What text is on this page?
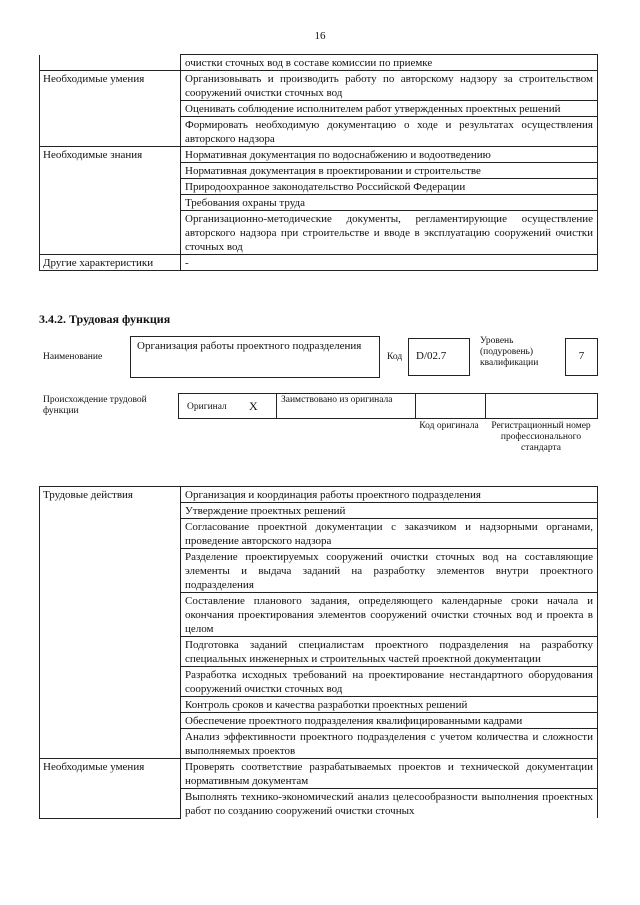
16
	очистки сточных вод в составе комиссии по приемке
Необходимые умения	Организовывать и производить работу по авторскому надзору за строительством сооружений очистки сточных вод
	Оценивать соблюдение исполнителем работ утвержденных проектных решений
	Формировать необходимую документацию о ходе и результатах осуществления авторского надзора
Необходимые знания	Нормативная документация по водоснабжению и водоотведению
	Нормативная документация в проектировании и строительстве
	Природоохранное законодательство Российской Федерации
	Требования охраны труда
	Организационно-методические документы, регламентирующие осуществление авторского надзора при строительстве и вводе в эксплуатацию сооружений очистки сточных вод
Другие характеристики	-
3.4.2. Трудовая функция
Наименование
Организация работы проектного подразделения
Код	D/02.7
Уровень (подуровень) квалификации
7
Происхождение трудовой функции	Оригинал X Заимствовано из оригинала
Код оригинала	Регистрационный номер профессионального стандарта
Трудовые действия	Организация и координация работы проектного подразделения
	Утверждение проектных решений
	Согласование проектной документации с заказчиком и надзорными органами, проведение авторского надзора
	Разделение проектируемых сооружений очистки сточных вод на составляющие элементы и выдача заданий на разработку элементов внутри проектного подразделения
	Составление планового задания, определяющего календарные сроки начала и окончания проектирования элементов сооружений очистки сточных вод и проекта в целом
	Подготовка заданий специалистам проектного подразделения на разработку специальных инженерных и строительных частей проектной документации
	Разработка исходных требований на проектирование нестандартного оборудования сооружений очистки сточных вод
	Контроль сроков и качества разработки проектных решений
	Обеспечение проектного подразделения квалифицированными кадрами
	Анализ эффективности проектного подразделения с учетом количества и сложности выполняемых проектов
Необходимые умения	Проверять соответствие разрабатываемых проектов и технической документации нормативным документам
	Выполнять технико-экономический анализ целесообразности выполнения проектных работ по созданию сооружений очистки сточных
